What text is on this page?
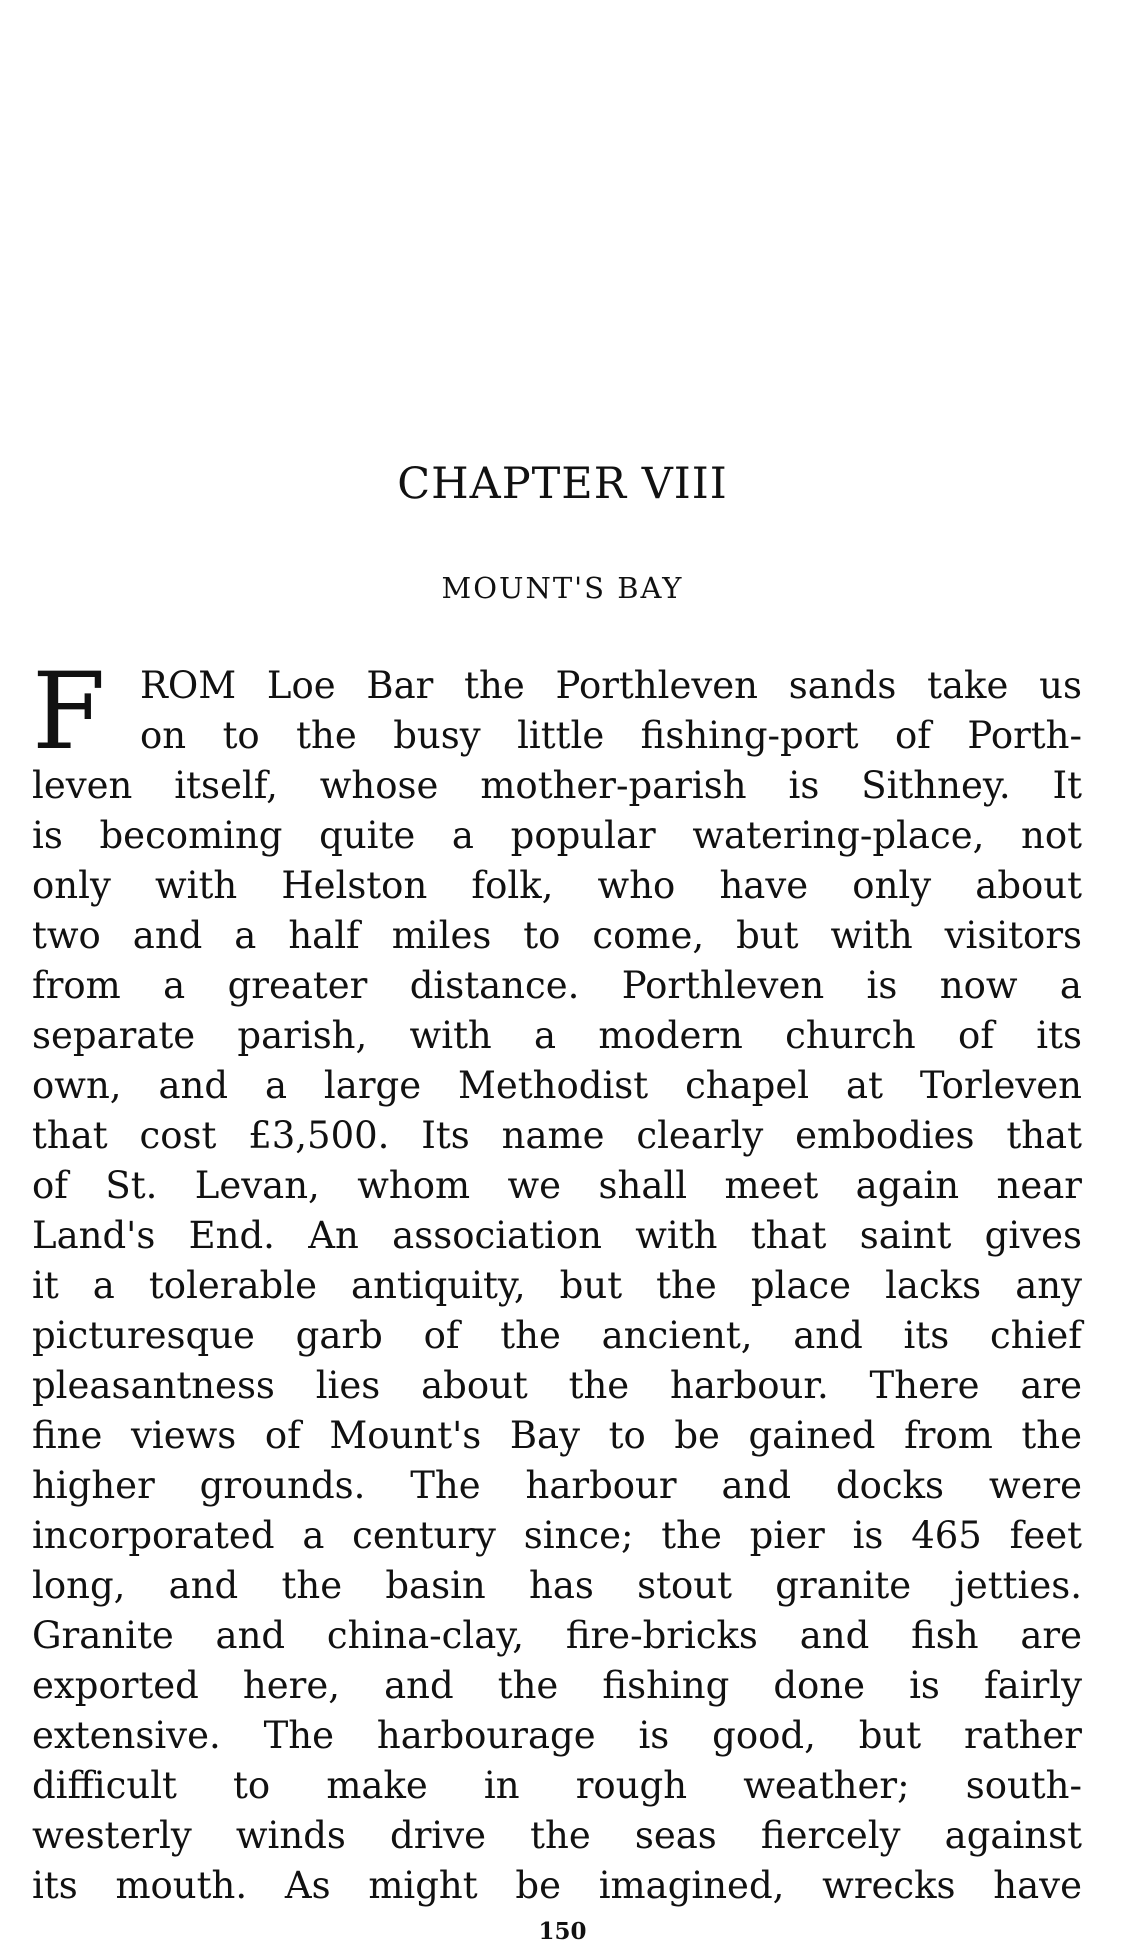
CHAPTER VIII
MOUNT'S BAY
F ROM Loe Bar the Porthleven sands take us
on to the busy little fishing-port of Porth-
leven itself, whose mother-parish is Sithney. It
is becoming quite a popular watering-place, not
only with Helston folk, who have only about
two and a half miles to come, but with visitors
from a greater distance. Porthleven is now a
separate parish, with a modern church of its
own, and a large Methodist chapel at Torleven
that cost £3,500. Its name clearly embodies that
of St. Levan, whom we shall meet again near
Land's End. An association with that saint gives
it a tolerable antiquity, but the place lacks any
picturesque garb of the ancient, and its chief
pleasantness lies about the harbour. There are
fine views of Mount's Bay to be gained from the
higher grounds. The harbour and docks were
incorporated a century since; the pier is 465 feet
long, and the basin has stout granite jetties.
Granite and china-clay, fire-bricks and fish are
exported here, and the fishing done is fairly
extensive. The harbourage is good, but rather
difficult to make in rough weather; south-
westerly winds drive the seas fiercely against
its mouth. As might be imagined, wrecks have
150
